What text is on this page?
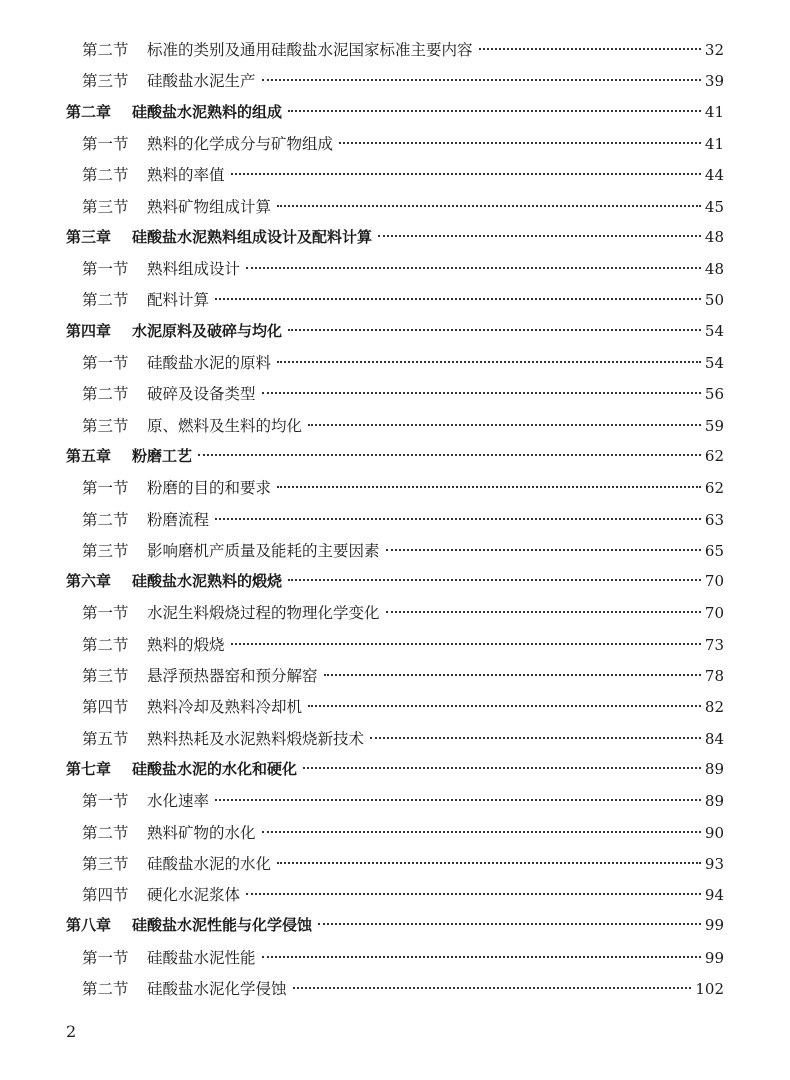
第二节	标准的类别及通用硅酸盐水泥国家标准主要内容	32
第三节	硅酸盐水泥生产	39
第二章	硅酸盐水泥熟料的组成	41
第一节	熟料的化学成分与矿物组成	41
第二节	熟料的率值	44
第三节	熟料矿物组成计算	45
第三章	硅酸盐水泥熟料组成设计及配料计算	48
第一节	熟料组成设计	48
第二节	配料计算	50
第四章	水泥原料及破碎与均化	54
第一节	硅酸盐水泥的原料	54
第二节	破碎及设备类型	56
第三节	原、燃料及生料的均化	59
第五章	粉磨工艺	62
第一节	粉磨的目的和要求	62
第二节	粉磨流程	63
第三节	影响磨机产质量及能耗的主要因素	65
第六章	硅酸盐水泥熟料的煅烧	70
第一节	水泥生料煅烧过程的物理化学变化	70
第二节	熟料的煅烧	73
第三节	悬浮预热器窑和预分解窑	78
第四节	熟料冷却及熟料冷却机	82
第五节	熟料热耗及水泥熟料煅烧新技术	84
第七章	硅酸盐水泥的水化和硬化	89
第一节	水化速率	89
第二节	熟料矿物的水化	90
第三节	硅酸盐水泥的水化	93
第四节	硬化水泥浆体	94
第八章	硅酸盐水泥性能与化学侵蚀	99
第一节	硅酸盐水泥性能	99
第二节	硅酸盐水泥化学侵蚀	102
2
